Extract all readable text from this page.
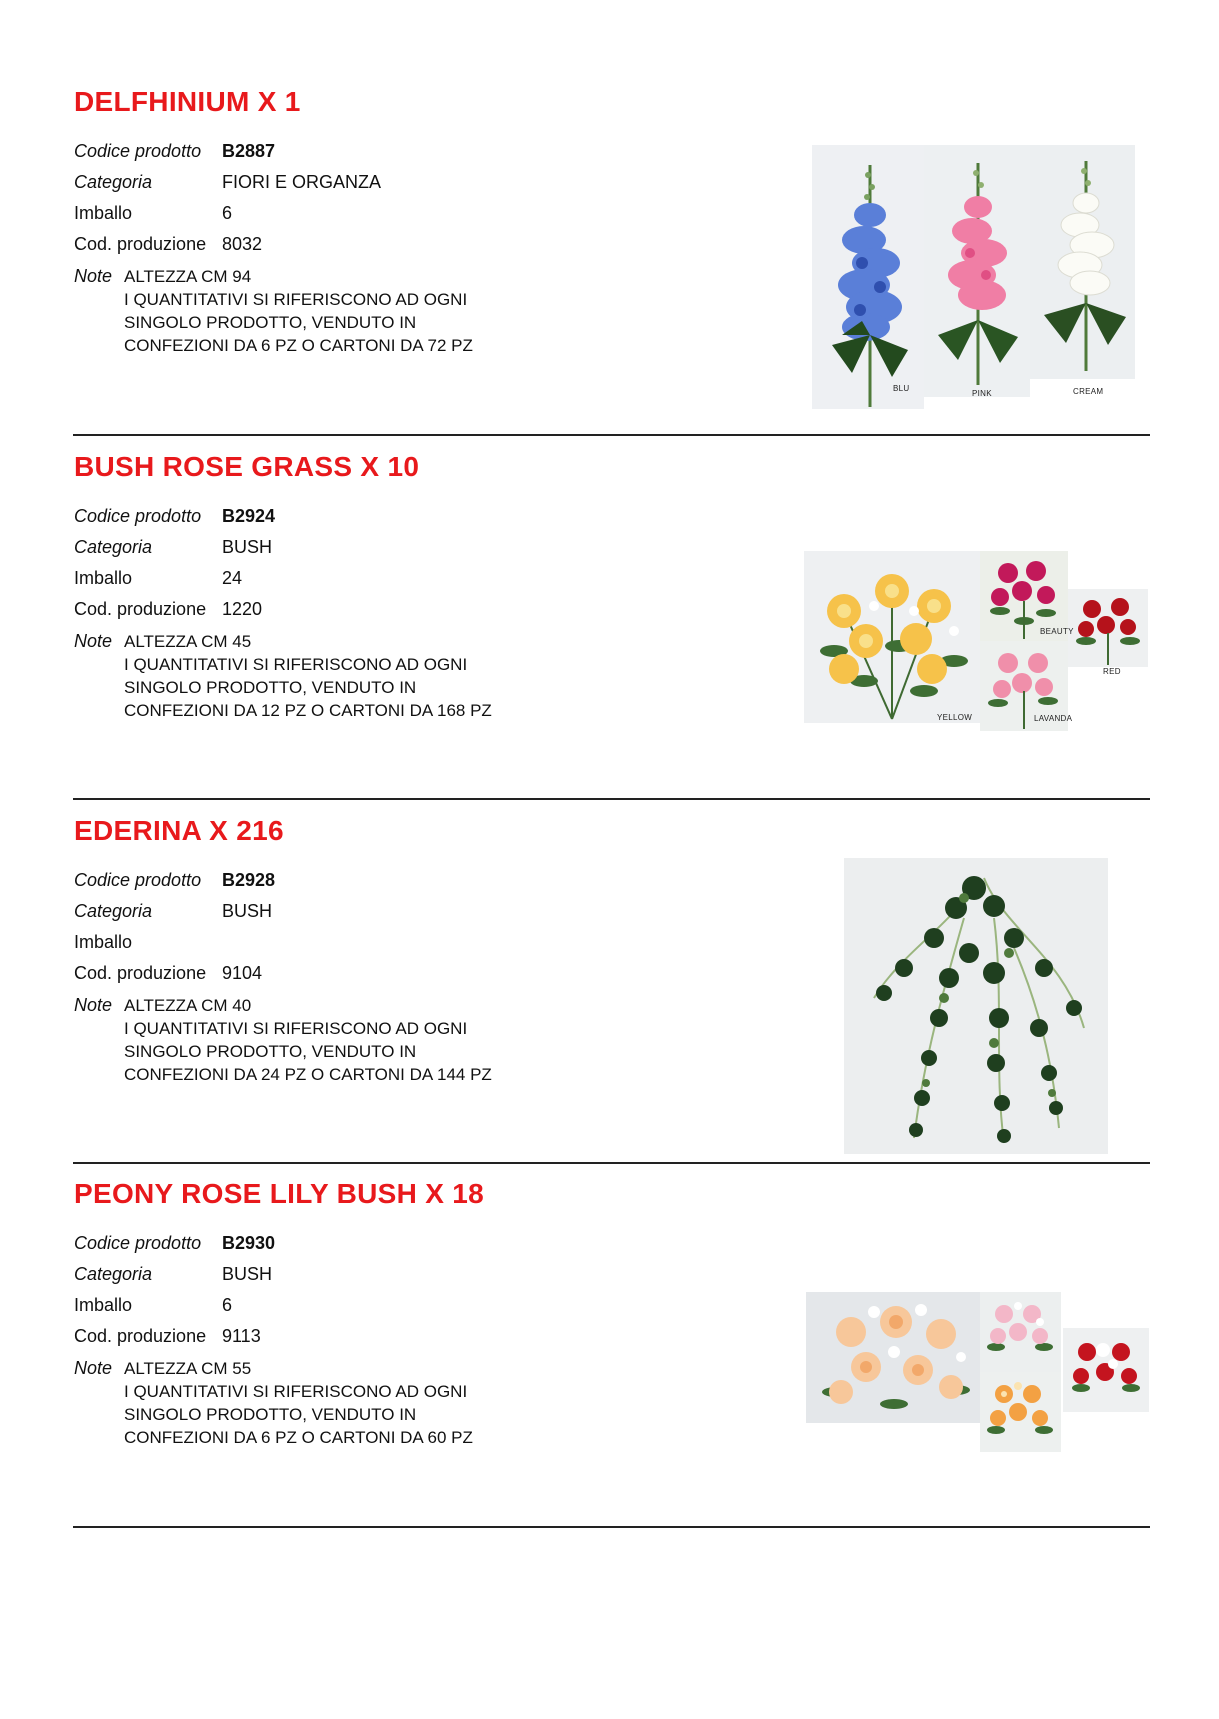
DELFHINIUM X 1
Codice prodotto B2887
Categoria	FIORI E ORGANZA
Imballo	6
Cod. produzione 8032
Note ALTEZZA CM 94
I QUANTITATIVI SI RIFERISCONO AD OGNI
SINGOLO PRODOTTO, VENDUTO IN
CONFEZIONI DA 6 PZ O CARTONI DA 72 PZ
BLU
PINK	CREAM
BUSH ROSE GRASS X 10
Codice prodotto B2924
Categoria	BUSH
Imballo	24
Cod. produzione 1220
Note ALTEZZA CM 45
I QUANTITATIVI SI RIFERISCONO AD OGNI
SINGOLO PRODOTTO, VENDUTO IN
CONFEZIONI DA 12 PZ O CARTONI DA 168 PZ	YELLOW
BEAUTY
LAVANDA
RED
EDERINA X 216
Codice prodotto B2928
Categoria	BUSH
Imballo
Cod. produzione 9104
Note ALTEZZA CM 40
I QUANTITATIVI SI RIFERISCONO AD OGNI
SINGOLO PRODOTTO, VENDUTO IN
CONFEZIONI DA 24 PZ O CARTONI DA 144 PZ
PEONY ROSE LILY BUSH X 18
Codice prodotto B2930
Categoria	BUSH
Imballo	6
Cod. produzione 9113
Note ALTEZZA CM 55
I QUANTITATIVI SI RIFERISCONO AD OGNI
SINGOLO PRODOTTO, VENDUTO IN
CONFEZIONI DA 6 PZ O CARTONI DA 60 PZ
